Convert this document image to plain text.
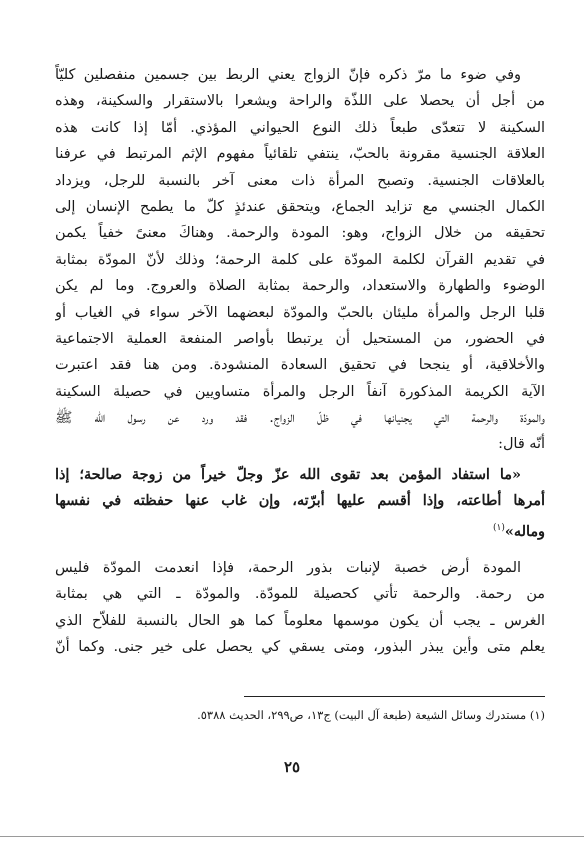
وفي ضوء ما مرّ ذكره فإنّ الزواج يعني الربط بين جسمين منفصلين كليّاً
من أجل أن يحصلا على اللذّة والراحة ويشعرا بالاستقرار والسكينة، وهذه
السكينة لا تتعدّى طبعاً ذلك النوع الحيواني المؤذي. أمّا إذا كانت هذه
العلاقة الجنسية مقرونة بالحبّ، ينتفي تلقائياً مفهوم الإثم المرتبط في عرفنا
بالعلاقات الجنسية. وتصبح المرأة ذات معنى آخر بالنسبة للرجل، ويزداد
الكمال الجنسي مع تزايد الجماع، ويتحقق عندئذٍ كلّ ما يطمح الإنسان إلى
تحقيقه من خلال الزواج، وهو: المودة والرحمة. وهناكَ معنىً خفياً يكمن
في تقديم القرآن لكلمة المودّة على كلمة الرحمة؛ وذلك لأنّ المودّة بمثابة
الوضوء والطهارة والاستعداد، والرحمة بمثابة الصلاة والعروج. وما لم يكن
قلبا الرجل والمرأة مليئان بالحبّ والمودّة لبعضهما الآخر سواء في الغياب أو
في الحضور، من المستحيل أن يرتبطا بأواصر المنفعة العملية الاجتماعية
والأخلاقية، أو ينجحا في تحقيق السعادة المنشودة. ومن هنا فقد اعتبرت
الآية الكريمة المذكورة آنفاً الرجل والمرأة متساويين في حصيلة السكينة
والمودّة والرحمة التي يجنيانها في ظلّ الزواج. فقد ورد عن رسول الله ﷺ
أنّه قال:
«ما استفاد المؤمن بعد تقوى الله عزّ وجلّ خيراً من زوجة صالحة؛ إذا
أمرها أطاعته، وإذا أقسم عليها أبرّته، وإن غاب عنها حفظته في نفسها
وماله»$^{(١)}$
المودة أرض خصبة لإنبات بذور الرحمة، فإذا انعدمت المودّة فليس
من رحمة. والرحمة تأتي كحصيلة للمودّة. والمودّة ـ التي هي بمثابة
الغرس ـ يجب أن يكون موسمها معلوماً كما هو الحال بالنسبة للفلاّح الذي
يعلم متى وأين يبذر البذور، ومتى يسقي كي يحصل على خير جنى. وكما أنّ
(١) مستدرك وسائل الشيعة (طبعة آل البيت) ج١٣، ص٢٩٩، الحديث ٥٣٨٨.
٢٥
